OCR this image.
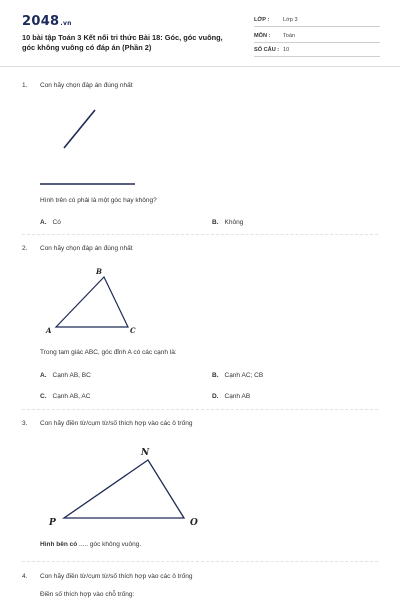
2048.vn
10 bài tập Toán 3 Kết nối tri thức Bài 18: Góc, góc vuông,
góc không vuông có đáp án (Phần 2)
LỚP : Lớp 3
MÔN : Toán
SỐ CÂU : 10
1. Con hãy chọn đáp án đúng nhất
Hình trên có phải là một góc hay không?
A. Có	B. Không
2. Con hãy chọn đáp án đúng nhất
B
A	C
Trong tam giác ABC, góc đỉnh A có các cạnh là:
A. Cạnh AB, BC	B. Cạnh AC; CB
C. Cạnh AB, AC	D. Cạnh AB
3. Con hãy điền từ/cụm từ/số thích hợp vào các ô trống
N
P	O
Hình bên có ..... góc không vuông.
4. Con hãy điền từ/cụm từ/số thích hợp vào các ô trống
Điền số thích hợp vào chỗ trống:
